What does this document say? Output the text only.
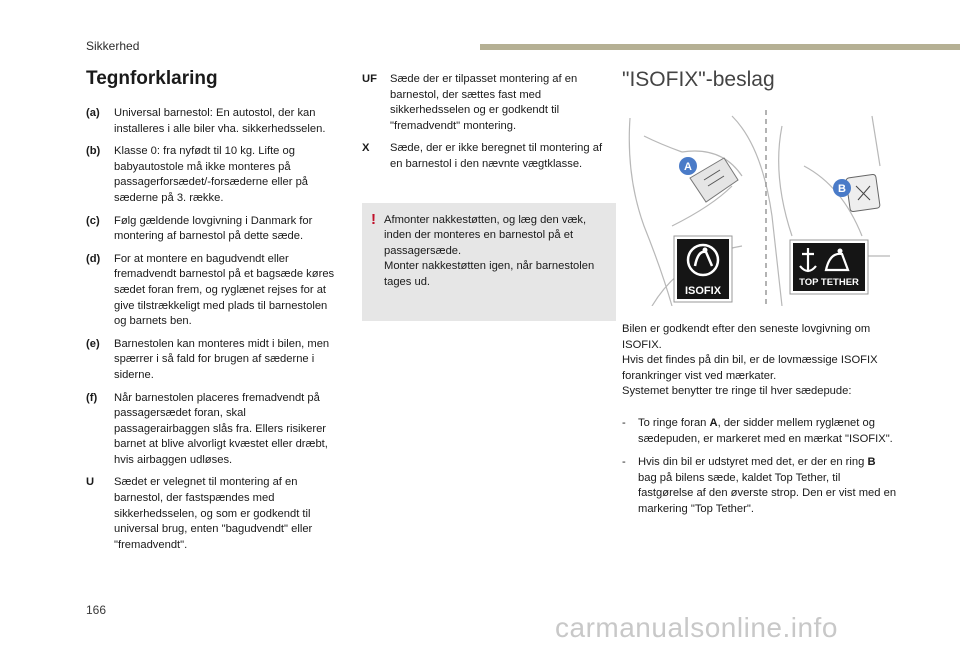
Sikkerhed
Tegnforklaring
(a)	Universal barnestol: En autostol, der kan installeres i alle biler vha. sikkerhedsselen.
(b)	Klasse 0: fra nyfødt til 10 kg. Lifte og babyautostole må ikke monteres på passagerforsædet/-forsæderne eller på sæderne på 3. række.
(c)	Følg gældende lovgivning i Danmark for montering af barnestol på dette sæde.
(d)	For at montere en bagudvendt eller fremadvendt barnestol på et bagsæde køres sædet foran frem, og ryglænet rejses for at give tilstrækkeligt med plads til barnestolen og barnets ben.
(e)	Barnestolen kan monteres midt i bilen, men spærrer i så fald for brugen af sæderne i siderne.
(f)	Når barnestolen placeres fremadvendt på passagersædet foran, skal passagerairbaggen slås fra. Ellers risikerer barnet at blive alvorligt kvæstet eller dræbt, hvis airbaggen udløses.
U	Sædet er velegnet til montering af en barnestol, der fastspændes med sikkerhedsselen, og som er godkendt til universal brug, enten "bagudvendt" eller "fremadvendt".
UF	Sæde der er tilpasset montering af en barnestol, der sættes fast med sikkerhedsselen og er godkendt til "fremadvendt" montering.
X	Sæde, der er ikke beregnet til montering af en barnestol i den nævnte vægtklasse.
! Afmonter nakkestøtten, og læg den væk, inden der monteres en barnestol på et passagersæde.
Monter nakkestøtten igen, når barnestolen tages ud.
"ISOFIX"-beslag
A
B
ISOFIX
TOP TETHER
Bilen er godkendt efter den seneste lovgivning om ISOFIX.
Hvis det findes på din bil, er de lovmæssige ISOFIX forankringer vist ved mærkater.
Systemet benytter tre ringe til hver sædepude:
-	To ringe foran A, der sidder mellem ryglænet og sædepuden, er markeret med en mærkat "ISOFIX".
-	Hvis din bil er udstyret med det, er der en ring B bag på bilens sæde, kaldet Top Tether, til fastgørelse af den øverste strop. Den er vist med en markering "Top Tether".
166
carmanualsonline.info
